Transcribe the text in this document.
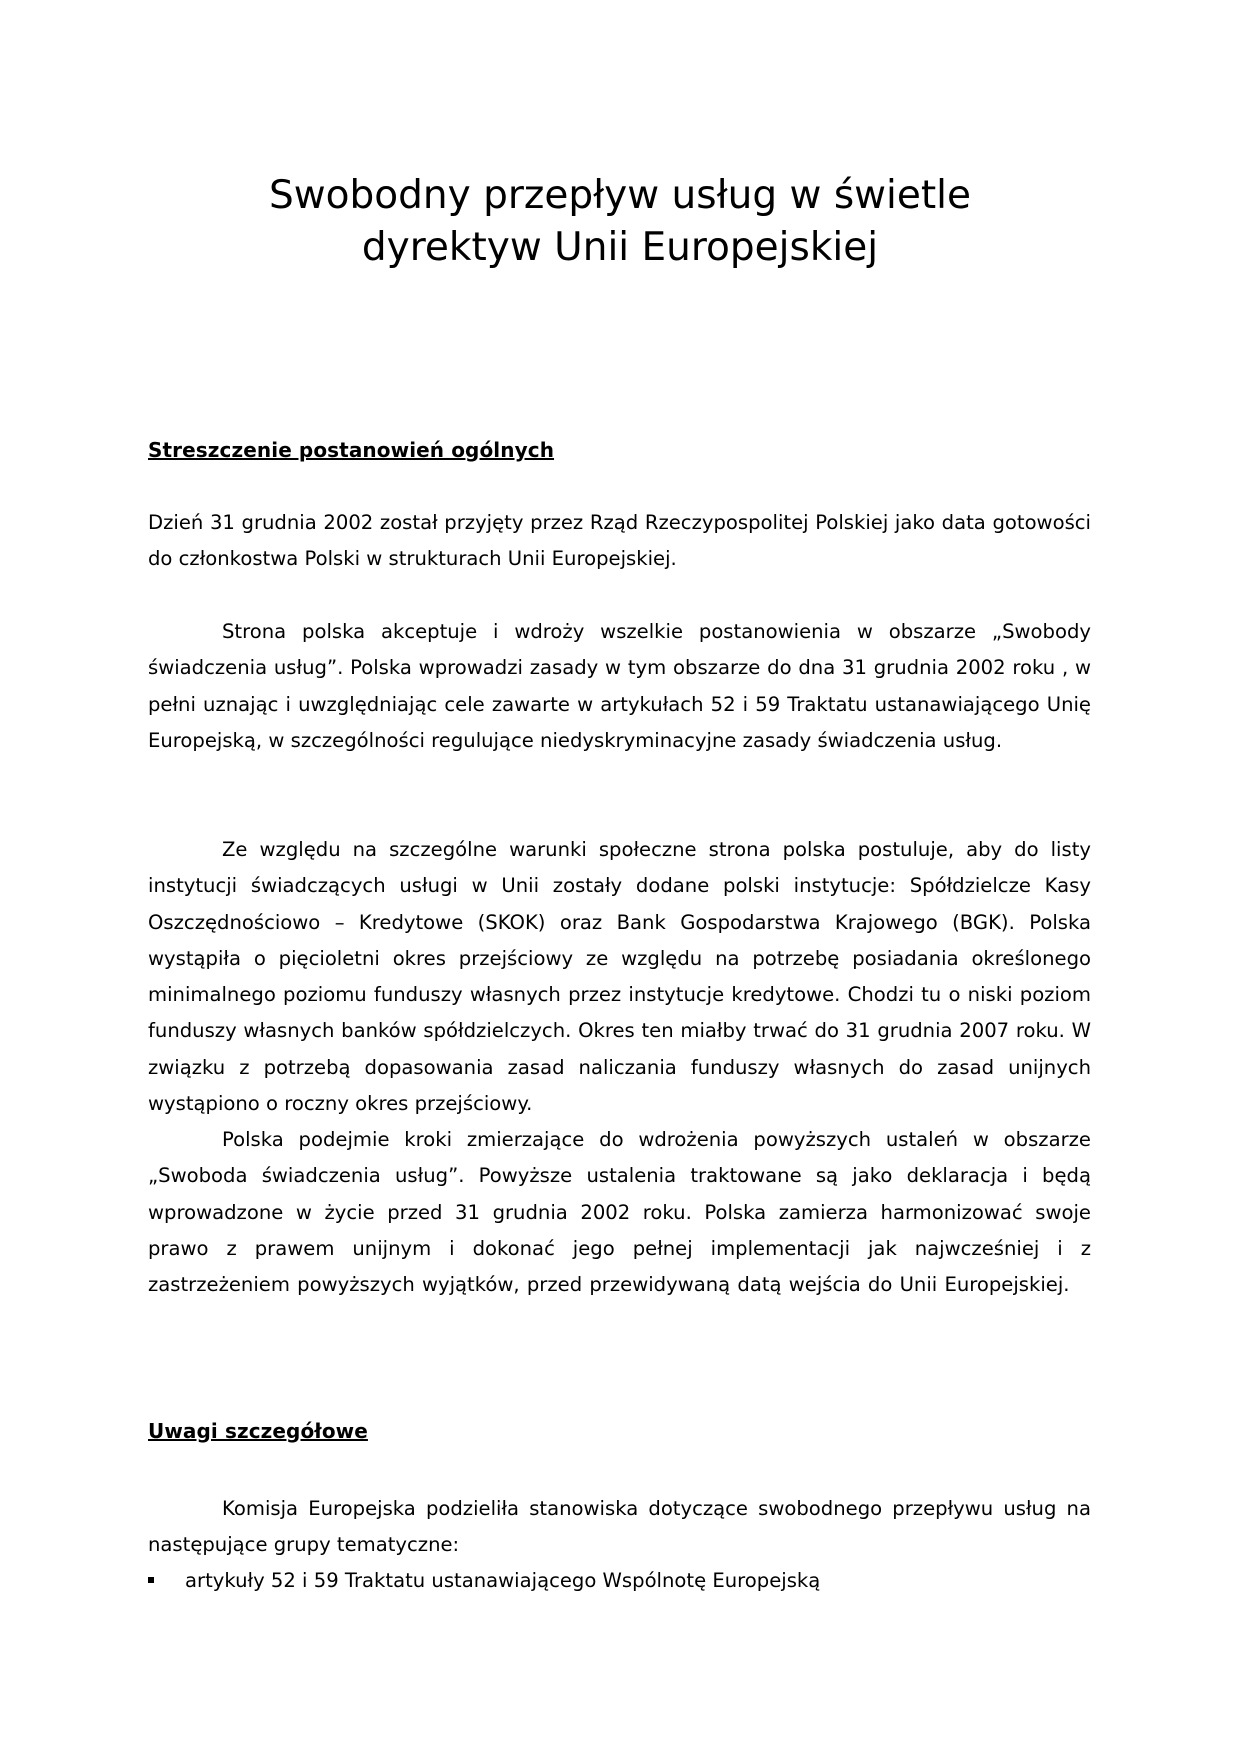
Swobodny przepływ usług w świetle
dyrektyw Unii Europejskiej
Streszczenie postanowień ogólnych

Dzień 31 grudnia 2002 został przyjęty przez Rząd Rzeczypospolitej Polskiej jako data gotowości do członkostwa Polski w strukturach Unii Europejskiej.

Strona polska akceptuje i wdroży wszelkie postanowienia w obszarze „Swobody świadczenia usług”. Polska wprowadzi zasady w tym obszarze do dna 31 grudnia 2002 roku , w pełni uznając i uwzględniając cele zawarte w artykułach 52 i 59 Traktatu ustanawiającego Unię Europejską, w szczególności regulujące niedyskryminacyjne zasady świadczenia usług.

Ze względu na szczególne warunki społeczne strona polska postuluje, aby do listy instytucji świadczących usługi w Unii zostały dodane polski instytucje: Spółdzielcze Kasy Oszczędnościowo – Kredytowe (SKOK) oraz Bank Gospodarstwa Krajowego (BGK). Polska wystąpiła o pięcioletni okres przejściowy ze względu na potrzebę posiadania określonego minimalnego poziomu funduszy własnych przez instytucje kredytowe. Chodzi tu o niski poziom funduszy własnych banków spółdzielczych. Okres ten miałby trwać do 31 grudnia 2007 roku. W związku z potrzebą dopasowania zasad naliczania funduszy własnych do zasad unijnych wystąpiono o roczny okres przejściowy.

Polska podejmie kroki zmierzające do wdrożenia powyższych ustaleń w obszarze „Swoboda świadczenia usług”. Powyższe ustalenia traktowane są jako deklaracja i będą wprowadzone w życie przed 31 grudnia 2002 roku. Polska zamierza harmonizować swoje prawo z prawem unijnym i dokonać jego pełnej implementacji jak najwcześniej i z zastrzeżeniem powyższych wyjątków, przed przewidywaną datą wejścia do Unii Europejskiej.

Uwagi szczegółowe

Komisja Europejska podzieliła stanowiska dotyczące swobodnego przepływu usług na następujące grupy tematyczne:

artykuły 52 i 59 Traktatu ustanawiającego Wspólnotę Europejską
